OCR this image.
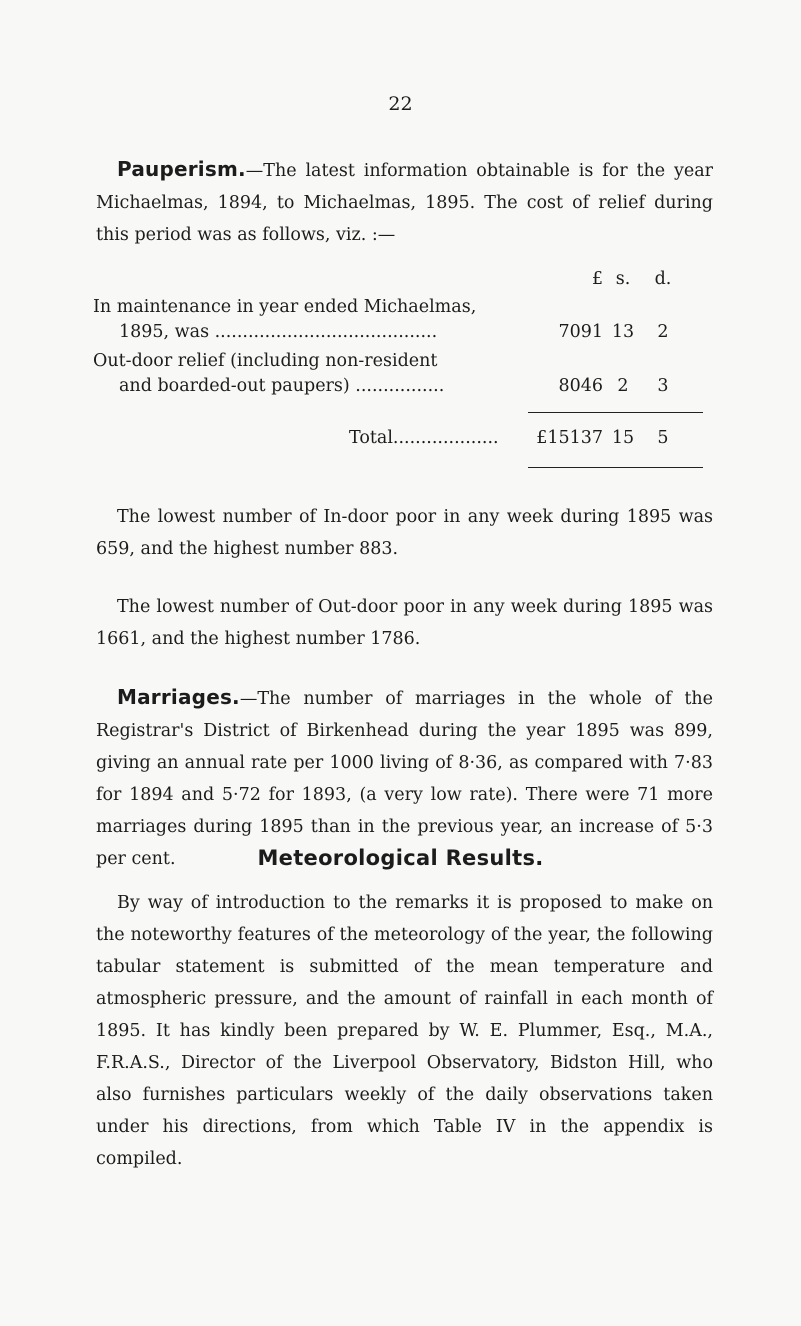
22

Pauperism.—The latest information obtainable is for the year Michaelmas, 1894, to Michaelmas, 1895. The cost of relief during this period was as follows, viz. :—

£ s.	d.
In maintenance in year ended Michaelmas,
1895, was ........................................	7091 13	2
Out-door relief (including non-resident
and boarded-out paupers) ................	8046 2	3
Total................... £15137 15	5

The lowest number of In-door poor in any week during 1895 was 659, and the highest number 883.

The lowest number of Out-door poor in any week during 1895 was 1661, and the highest number 1786.

Marriages.—The number of marriages in the whole of the Registrar's District of Birkenhead during the year 1895 was 899, giving an annual rate per 1000 living of 8·36, as compared with 7·83 for 1894 and 5·72 for 1893, (a very low rate). There were 71 more marriages during 1895 than in the previous year, an increase of 5·3 per cent.	Meteorological Results.

By way of introduction to the remarks it is proposed to make on the noteworthy features of the meteorology of the year, the following tabular statement is submitted of the mean temperature and atmospheric pressure, and the amount of rainfall in each month of 1895. It has kindly been prepared by W. E. Plummer, Esq., M.A., F.R.A.S., Director of the Liverpool Observatory, Bidston Hill, who also furnishes particulars weekly of the daily observations taken under his directions, from which Table IV in the appendix is compiled.
